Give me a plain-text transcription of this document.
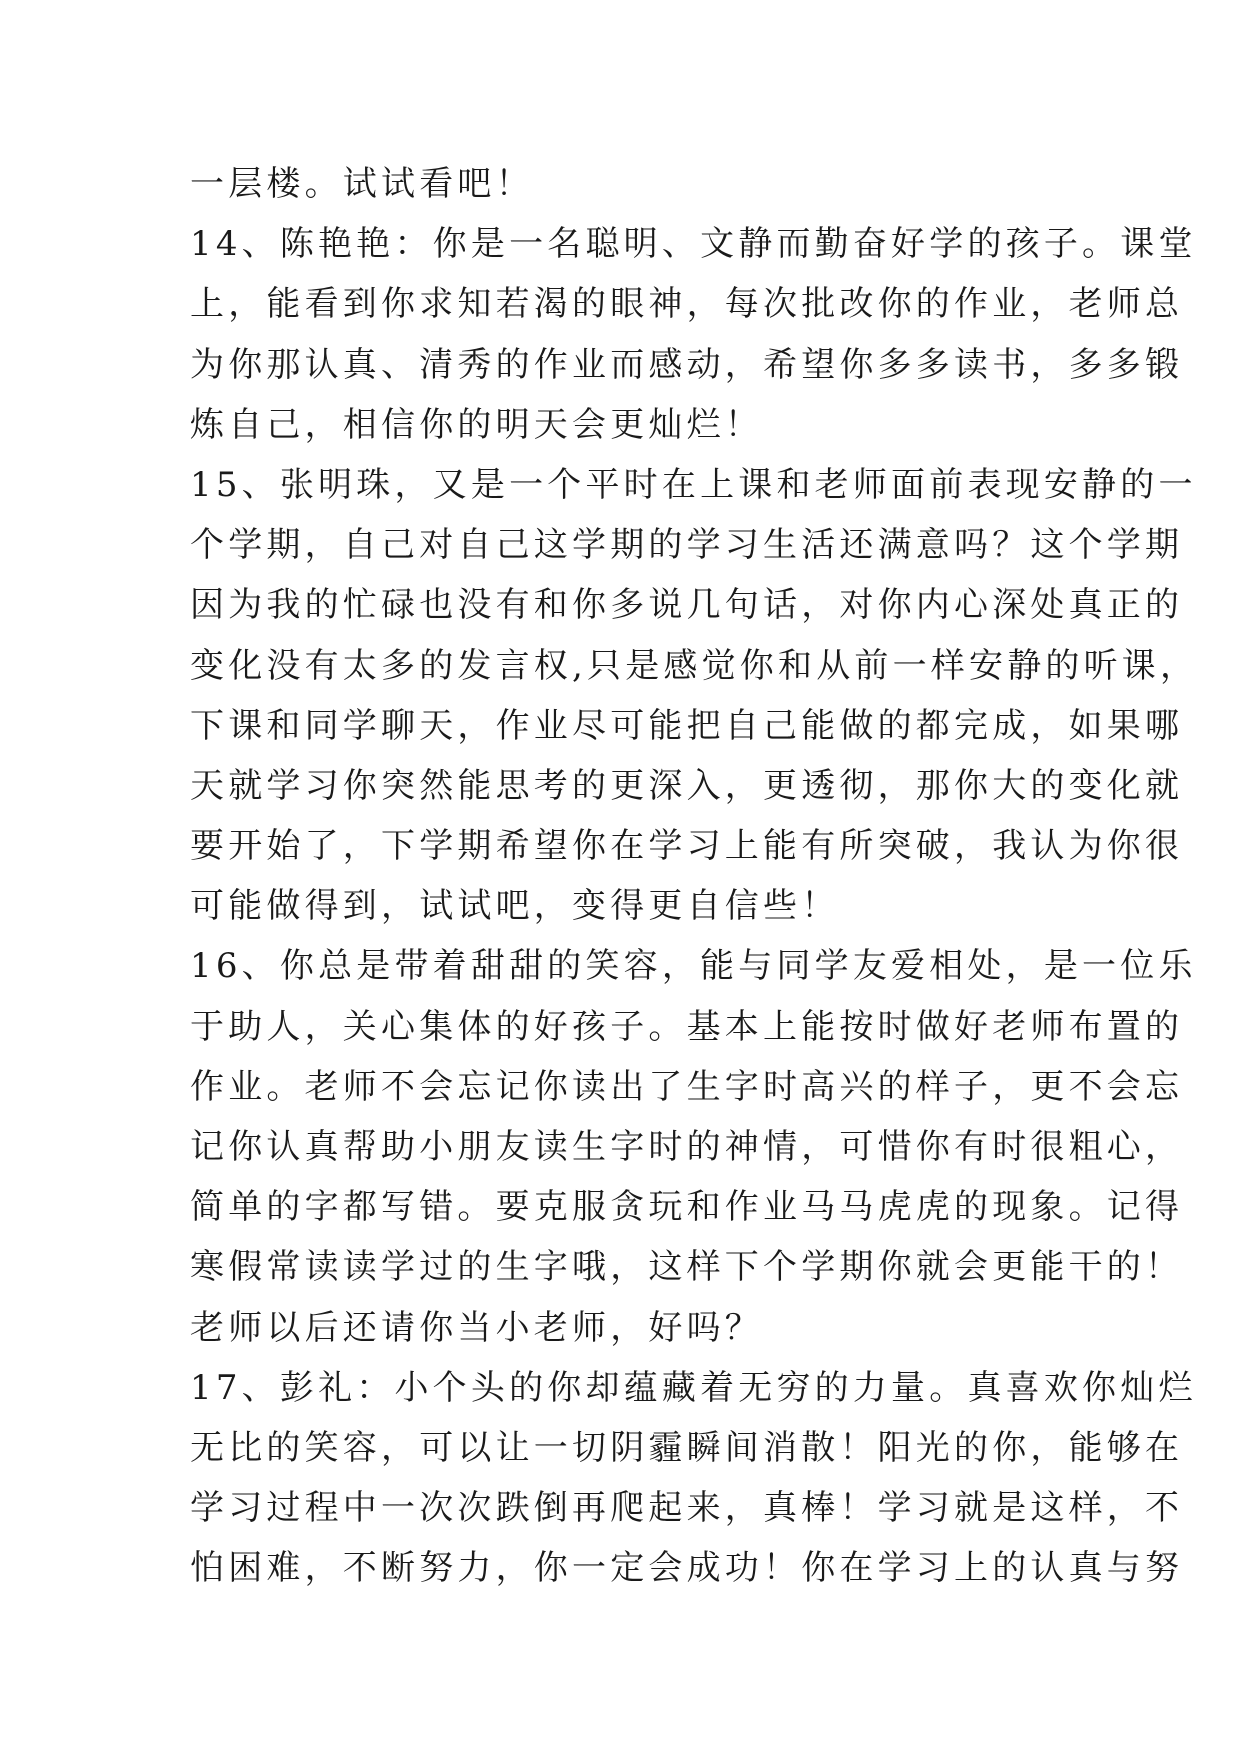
一层楼。试试看吧！
14、陈艳艳：你是一名聪明、文静而勤奋好学的孩子。课堂
上，能看到你求知若渴的眼神，每次批改你的作业，老师总
为你那认真、清秀的作业而感动，希望你多多读书，多多锻
炼自己，相信你的明天会更灿烂！
15、张明珠，又是一个平时在上课和老师面前表现安静的一
个学期，自己对自己这学期的学习生活还满意吗？这个学期
因为我的忙碌也没有和你多说几句话，对你内心深处真正的
变化没有太多的发言权,只是感觉你和从前一样安静的听课，
下课和同学聊天，作业尽可能把自己能做的都完成，如果哪
天就学习你突然能思考的更深入，更透彻，那你大的变化就
要开始了，下学期希望你在学习上能有所突破，我认为你很
可能做得到，试试吧，变得更自信些！
16、你总是带着甜甜的笑容，能与同学友爱相处，是一位乐
于助人，关心集体的好孩子。基本上能按时做好老师布置的
作业。老师不会忘记你读出了生字时高兴的样子，更不会忘
记你认真帮助小朋友读生字时的神情，可惜你有时很粗心，
简单的字都写错。要克服贪玩和作业马马虎虎的现象。记得
寒假常读读学过的生字哦，这样下个学期你就会更能干的！
老师以后还请你当小老师，好吗？
17、彭礼：小个头的你却蕴藏着无穷的力量。真喜欢你灿烂
无比的笑容，可以让一切阴霾瞬间消散！阳光的你，能够在
学习过程中一次次跌倒再爬起来，真棒！学习就是这样，不
怕困难，不断努力，你一定会成功！你在学习上的认真与努
